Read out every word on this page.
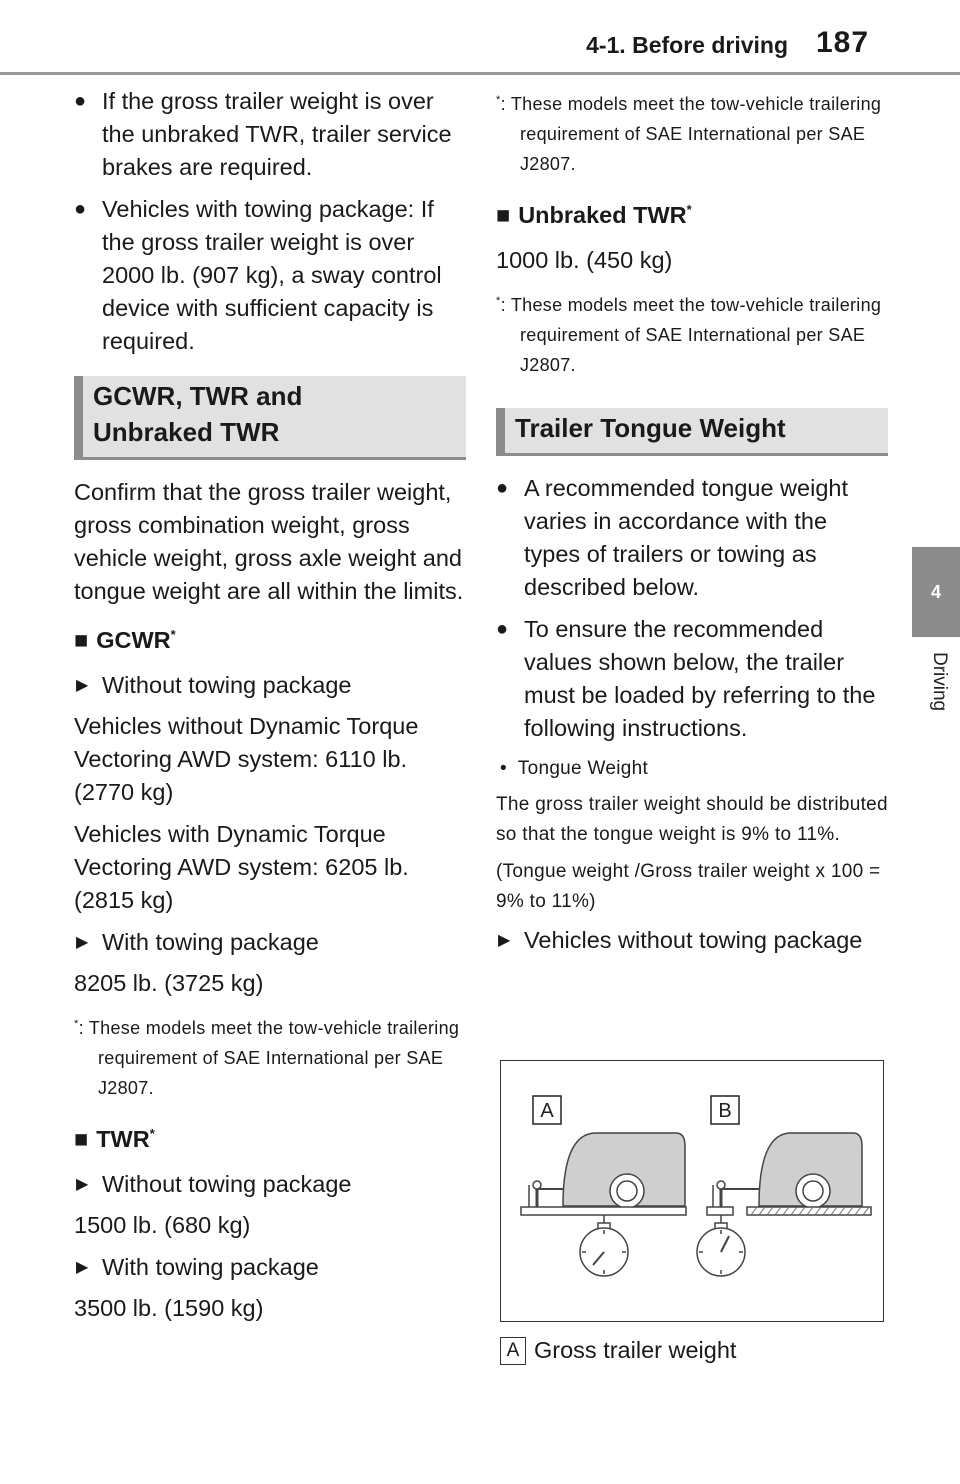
4-1. Before driving 187
4
Driving
● If the gross trailer weight is over the unbraked TWR, trailer service brakes are required.
● Vehicles with towing package: If the gross trailer weight is over 2000 lb. (907 kg), a sway control device with sufficient capacity is required.
GCWR, TWR and Unbraked TWR

Confirm that the gross trailer weight, gross combination weight, gross vehicle weight, gross axle weight and tongue weight are all within the limits.

■ GCWR*
▶ Without towing package

Vehicles without Dynamic Torque Vectoring AWD system: 6110 lb. (2770 kg)

Vehicles with Dynamic Torque Vectoring AWD system: 6205 lb. (2815 kg)

▶ With towing package

8205 lb. (3725 kg)

*: These models meet the tow-vehicle trailering requirement of SAE International per SAE J2807.

■ TWR*
▶ Without towing package

1500 lb. (680 kg)

▶ With towing package

3500 lb. (1590 kg)

*: These models meet the tow-vehicle trailering requirement of SAE International per SAE J2807.

■ Unbraked TWR*

1000 lb. (450 kg)

*: These models meet the tow-vehicle trailering requirement of SAE International per SAE J2807.

Trailer Tongue Weight
● A recommended tongue weight varies in accordance with the types of trailers or towing as described below.
● To ensure the recommended values shown below, the trailer must be loaded by referring to the following instructions.
• Tongue Weight

The gross trailer weight should be distributed so that the tongue weight is 9% to 11%.

(Tongue weight /Gross trailer weight x 100 = 9% to 11%)

▶ Vehicles without towing package
A	B
A Gross trailer weight
